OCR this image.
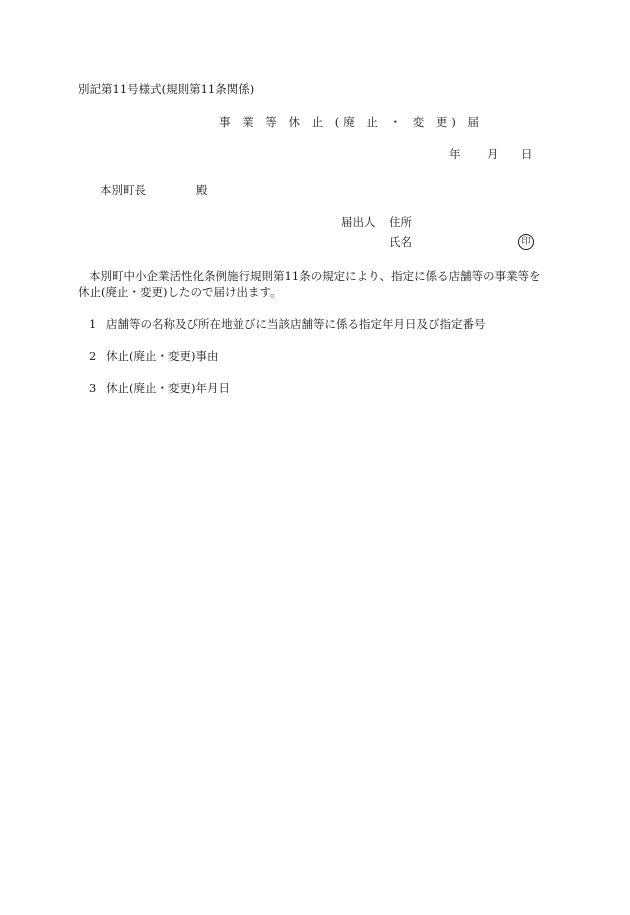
別記第11号様式(規則第11条関係)
事 業 等 休 止 (廃 止 ・ 変 更) 届
年 月 日
本別町長	殿
届出人 住所
氏名	印
本別町中小企業活性化条例施行規則第11条の規定により、指定に係る店舗等の事業等を
休止(廃止・変更)したので届け出ます。
1 店舗等の名称及び所在地並びに当該店舗等に係る指定年月日及び指定番号
2 休止(廃止・変更)事由
3 休止(廃止・変更)年月日
